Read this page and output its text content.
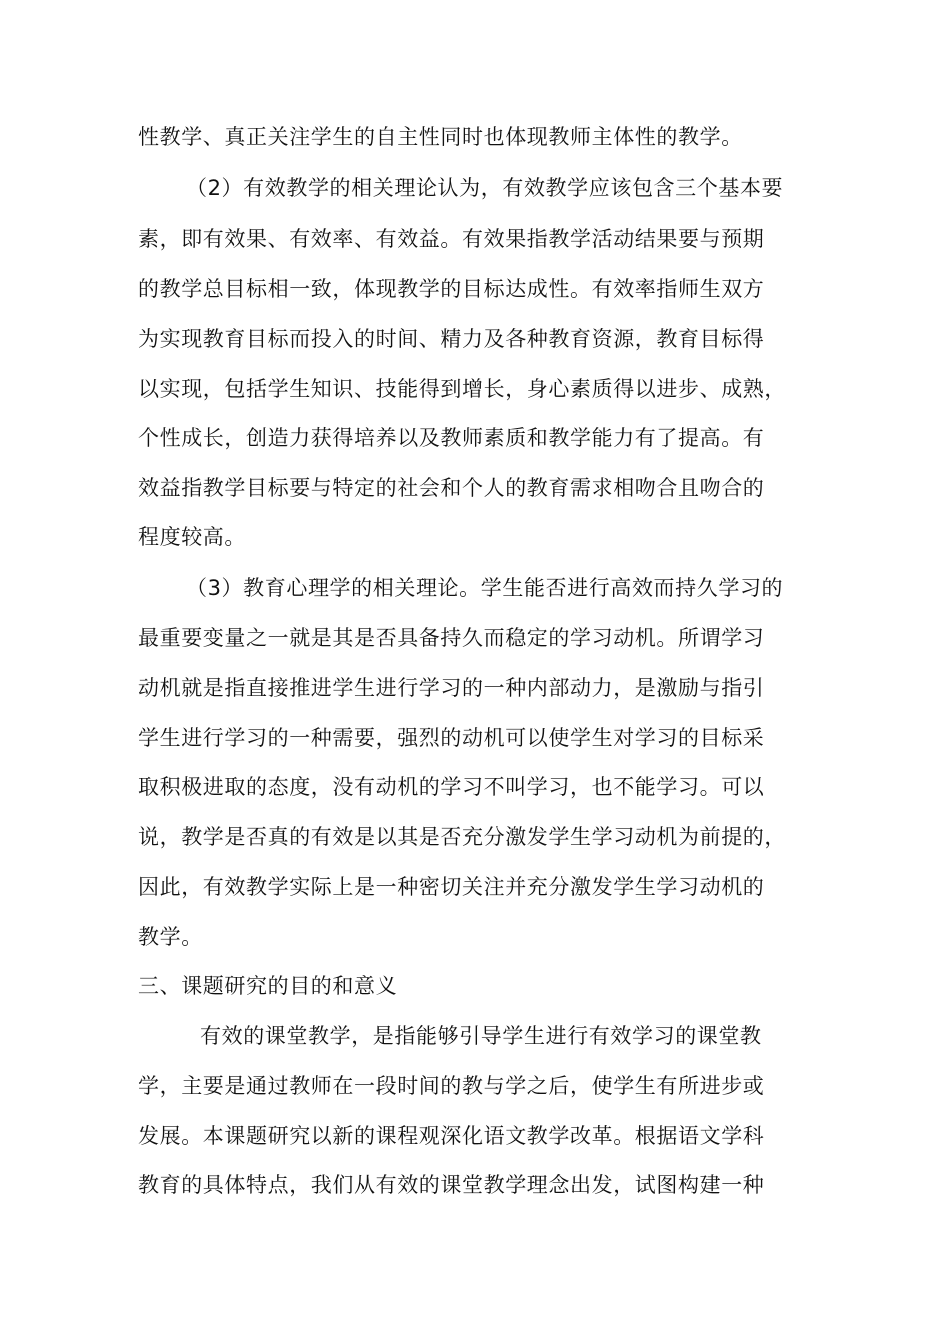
性教学、真正关注学生的自主性同时也体现教师主体性的教学。
（2）有效教学的相关理论认为，有效教学应该包含三个基本要
素，即有效果、有效率、有效益。有效果指教学活动结果要与预期
的教学总目标相一致，体现教学的目标达成性。有效率指师生双方
为实现教育目标而投入的时间、精力及各种教育资源，教育目标得
以实现，包括学生知识、技能得到增长，身心素质得以进步、成熟，
个性成长，创造力获得培养以及教师素质和教学能力有了提高。有
效益指教学目标要与特定的社会和个人的教育需求相吻合且吻合的
程度较高。
（3）教育心理学的相关理论。学生能否进行高效而持久学习的
最重要变量之一就是其是否具备持久而稳定的学习动机。所谓学习
动机就是指直接推进学生进行学习的一种内部动力，是激励与指引
学生进行学习的一种需要，强烈的动机可以使学生对学习的目标采
取积极进取的态度，没有动机的学习不叫学习，也不能学习。可以
说，教学是否真的有效是以其是否充分激发学生学习动机为前提的，
因此，有效教学实际上是一种密切关注并充分激发学生学习动机的
教学。
三、课题研究的目的和意义
有效的课堂教学，是指能够引导学生进行有效学习的课堂教
学，主要是通过教师在一段时间的教与学之后，使学生有所进步或
发展。本课题研究以新的课程观深化语文教学改革。根据语文学科
教育的具体特点，我们从有效的课堂教学理念出发，试图构建一种
